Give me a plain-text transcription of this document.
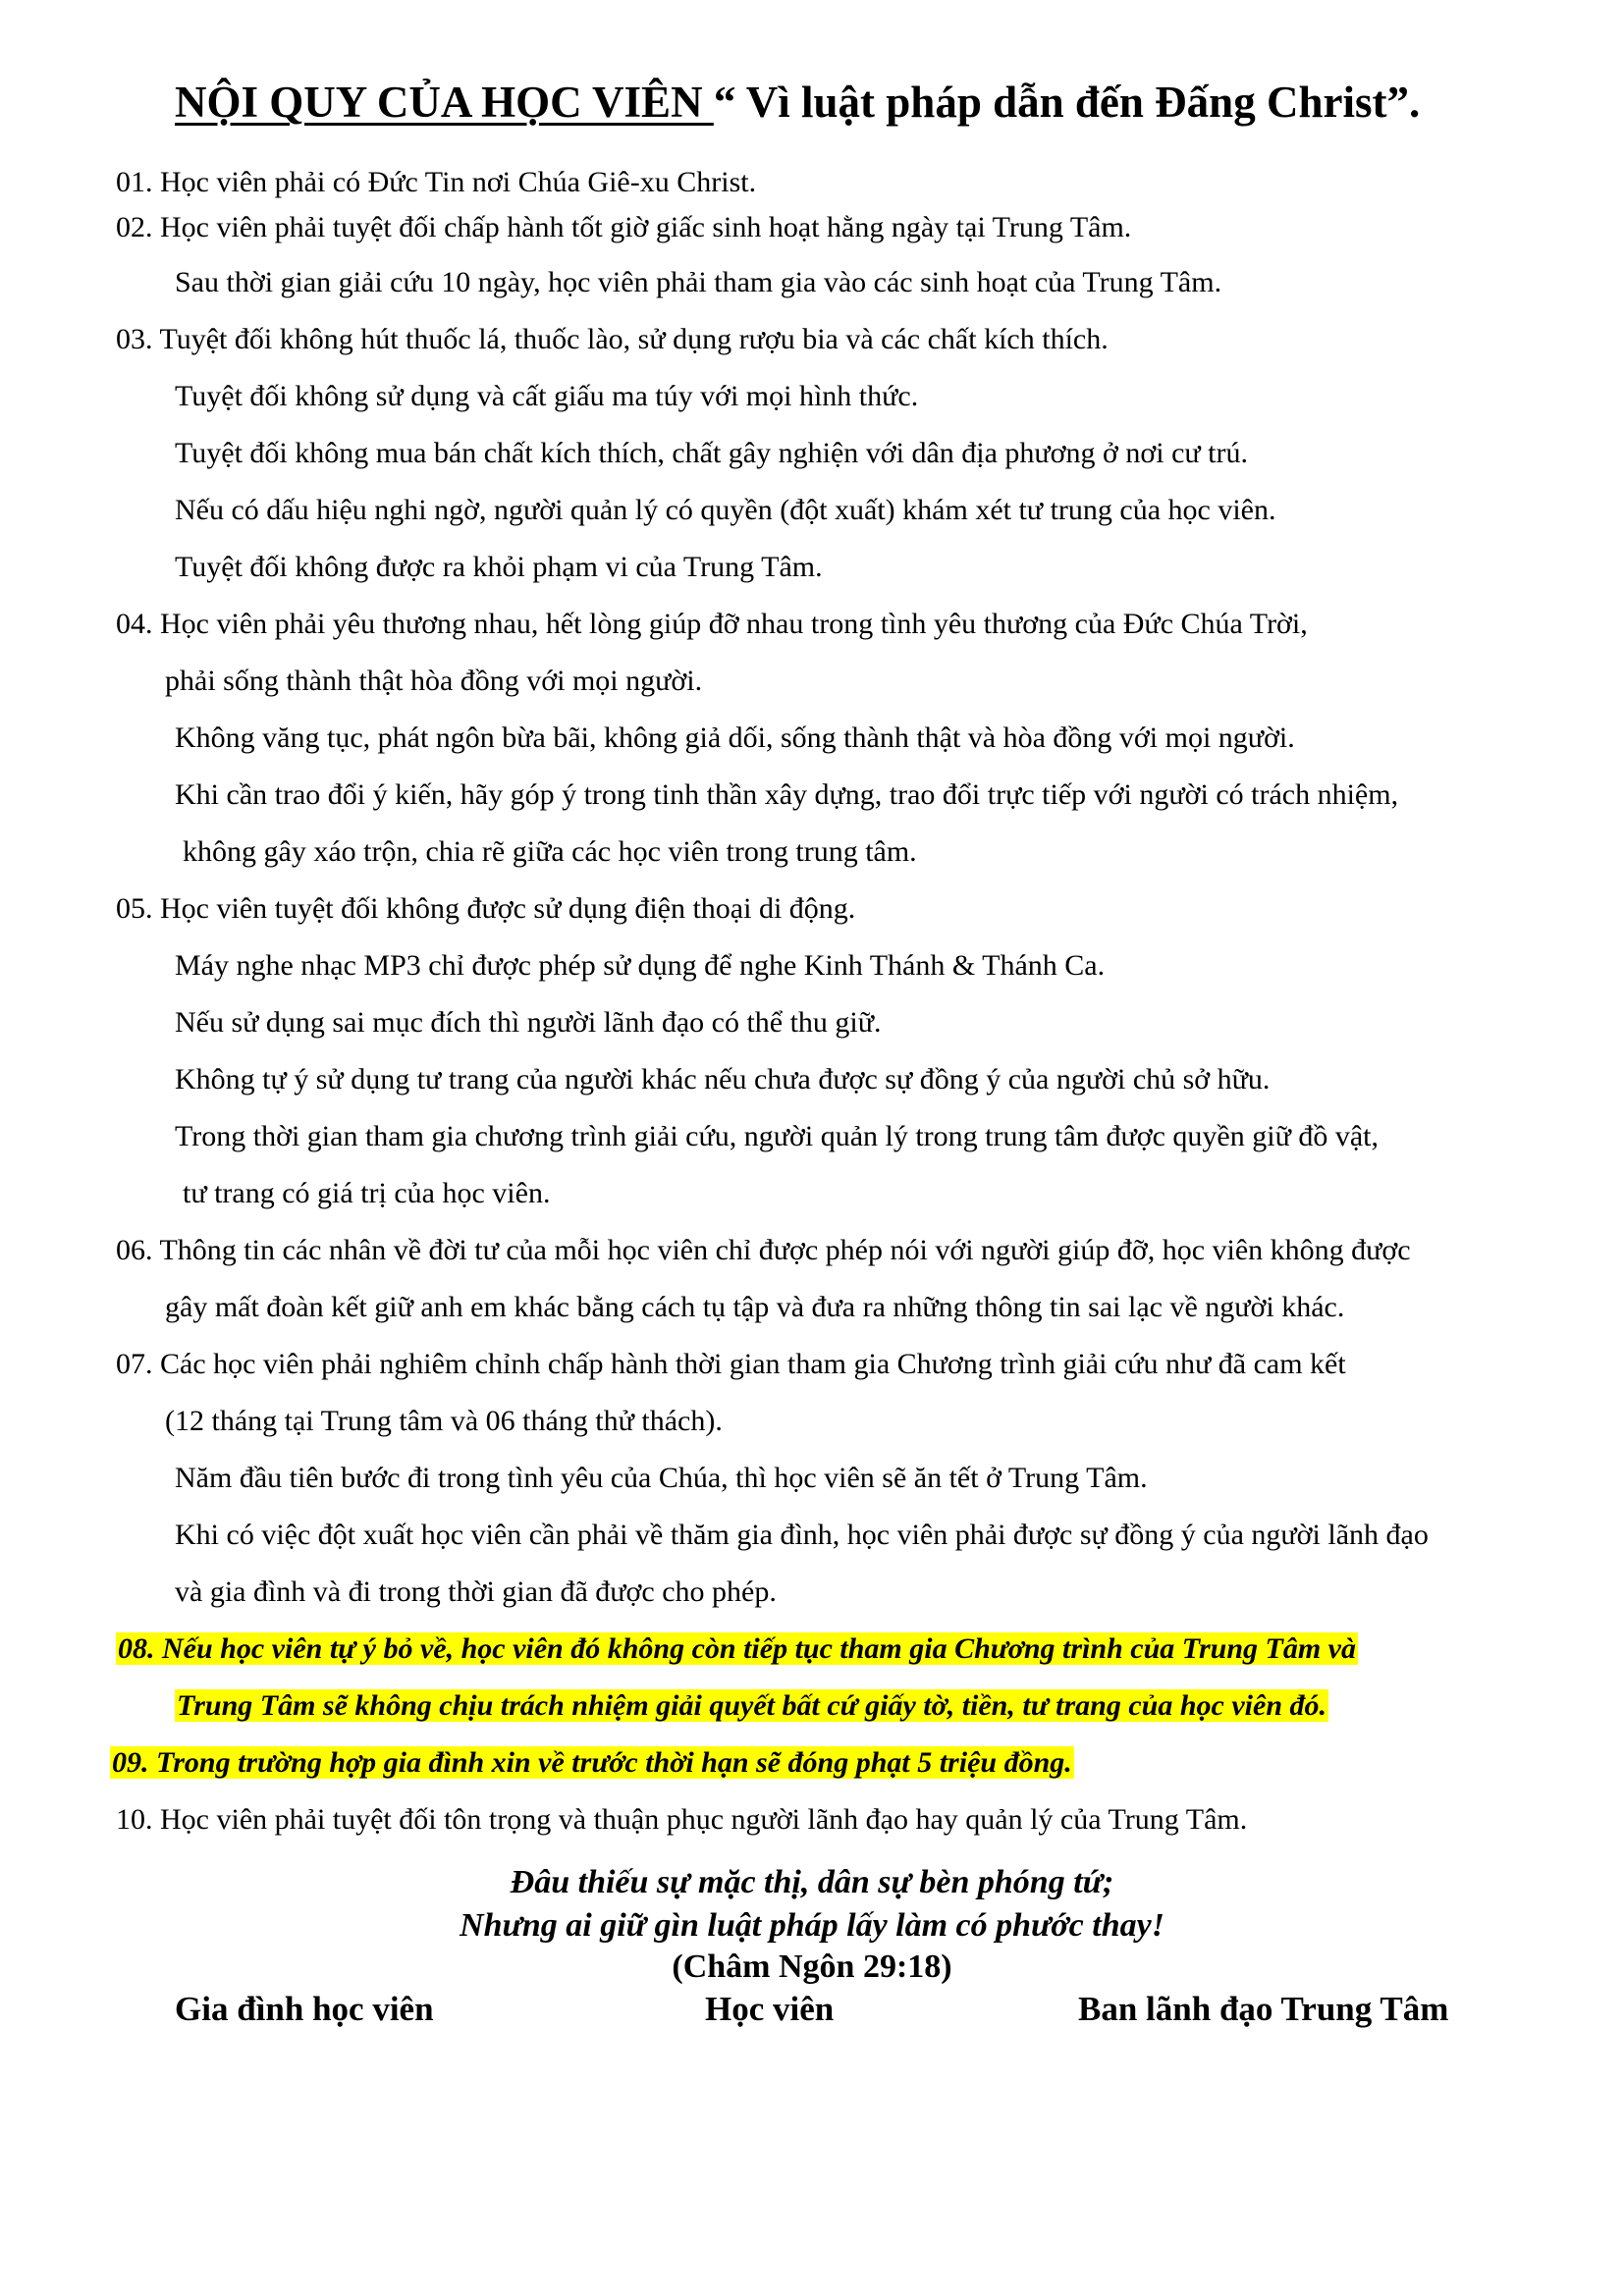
NỘI QUY CỦA HỌC VIÊN “ Vì luật pháp dẫn đến Đấng Christ”.
01. Học viên phải có Đức Tin nơi Chúa Giê-xu Christ.
02. Học viên phải tuyệt đối chấp hành tốt giờ giấc sinh hoạt hằng ngày tại Trung Tâm.
Sau thời gian giải cứu 10 ngày, học viên phải tham gia vào các sinh hoạt của Trung Tâm.
03. Tuyệt đối không hút thuốc lá, thuốc lào, sử dụng rượu bia và các chất kích thích.
Tuyệt đối không sử dụng và cất giấu ma túy với mọi hình thức.
Tuyệt đối không mua bán chất kích thích, chất gây nghiện với dân địa phương ở nơi cư trú.
Nếu có dấu hiệu nghi ngờ, người quản lý có quyền (đột xuất) khám xét tư trung của học viên.
Tuyệt đối không được ra khỏi phạm vi của Trung Tâm.
04. Học viên phải yêu thương nhau, hết lòng giúp đỡ nhau trong tình yêu thương của Đức Chúa Trời,
phải sống thành thật hòa đồng với mọi người.
Không văng tục, phát ngôn bừa bãi, không giả dối, sống thành thật và hòa đồng với mọi người.
Khi cần trao đổi ý kiến, hãy góp ý trong tinh thần xây dựng, trao đổi trực tiếp với người có trách nhiệm,
không gây xáo trộn, chia rẽ giữa các học viên trong trung tâm.
05. Học viên tuyệt đối không được sử dụng điện thoại di động.
Máy nghe nhạc MP3 chỉ được phép sử dụng để nghe Kinh Thánh & Thánh Ca.
Nếu sử dụng sai mục đích thì người lãnh đạo có thể thu giữ.
Không tự ý sử dụng tư trang của người khác nếu chưa được sự đồng ý của người chủ sở hữu.
Trong thời gian tham gia chương trình giải cứu, người quản lý trong trung tâm được quyền giữ đồ vật,
tư trang có giá trị của học viên.
06. Thông tin các nhân về đời tư của mỗi học viên chỉ được phép nói với người giúp đỡ, học viên không được
gây mất đoàn kết giữ anh em khác bằng cách tụ tập và đưa ra những thông tin sai lạc về người khác.
07. Các học viên phải nghiêm chỉnh chấp hành thời gian tham gia Chương trình giải cứu như đã cam kết
(12 tháng tại Trung tâm và 06 tháng thử thách).
Năm đầu tiên bước đi trong tình yêu của Chúa, thì học viên sẽ ăn tết ở Trung Tâm.
Khi có việc đột xuất học viên cần phải về thăm gia đình, học viên phải được sự đồng ý của người lãnh đạo
và gia đình và đi trong thời gian đã được cho phép.
08. Nếu học viên tự ý bỏ về, học viên đó không còn tiếp tục tham gia Chương trình của Trung Tâm và
Trung Tâm sẽ không chịu trách nhiệm giải quyết bất cứ giấy tờ, tiền, tư trang của học viên đó.
09. Trong trường hợp gia đình xin về trước thời hạn sẽ đóng phạt 5 triệu đồng.
10. Học viên phải tuyệt đối tôn trọng và thuận phục người lãnh đạo hay quản lý của Trung Tâm.
Đâu thiếu sự mặc thị, dân sự bèn phóng tứ;
Nhưng ai giữ gìn luật pháp lấy làm có phước thay!
(Châm Ngôn 29:18)
Gia đình học viên	Học viên	Ban lãnh đạo Trung Tâm
